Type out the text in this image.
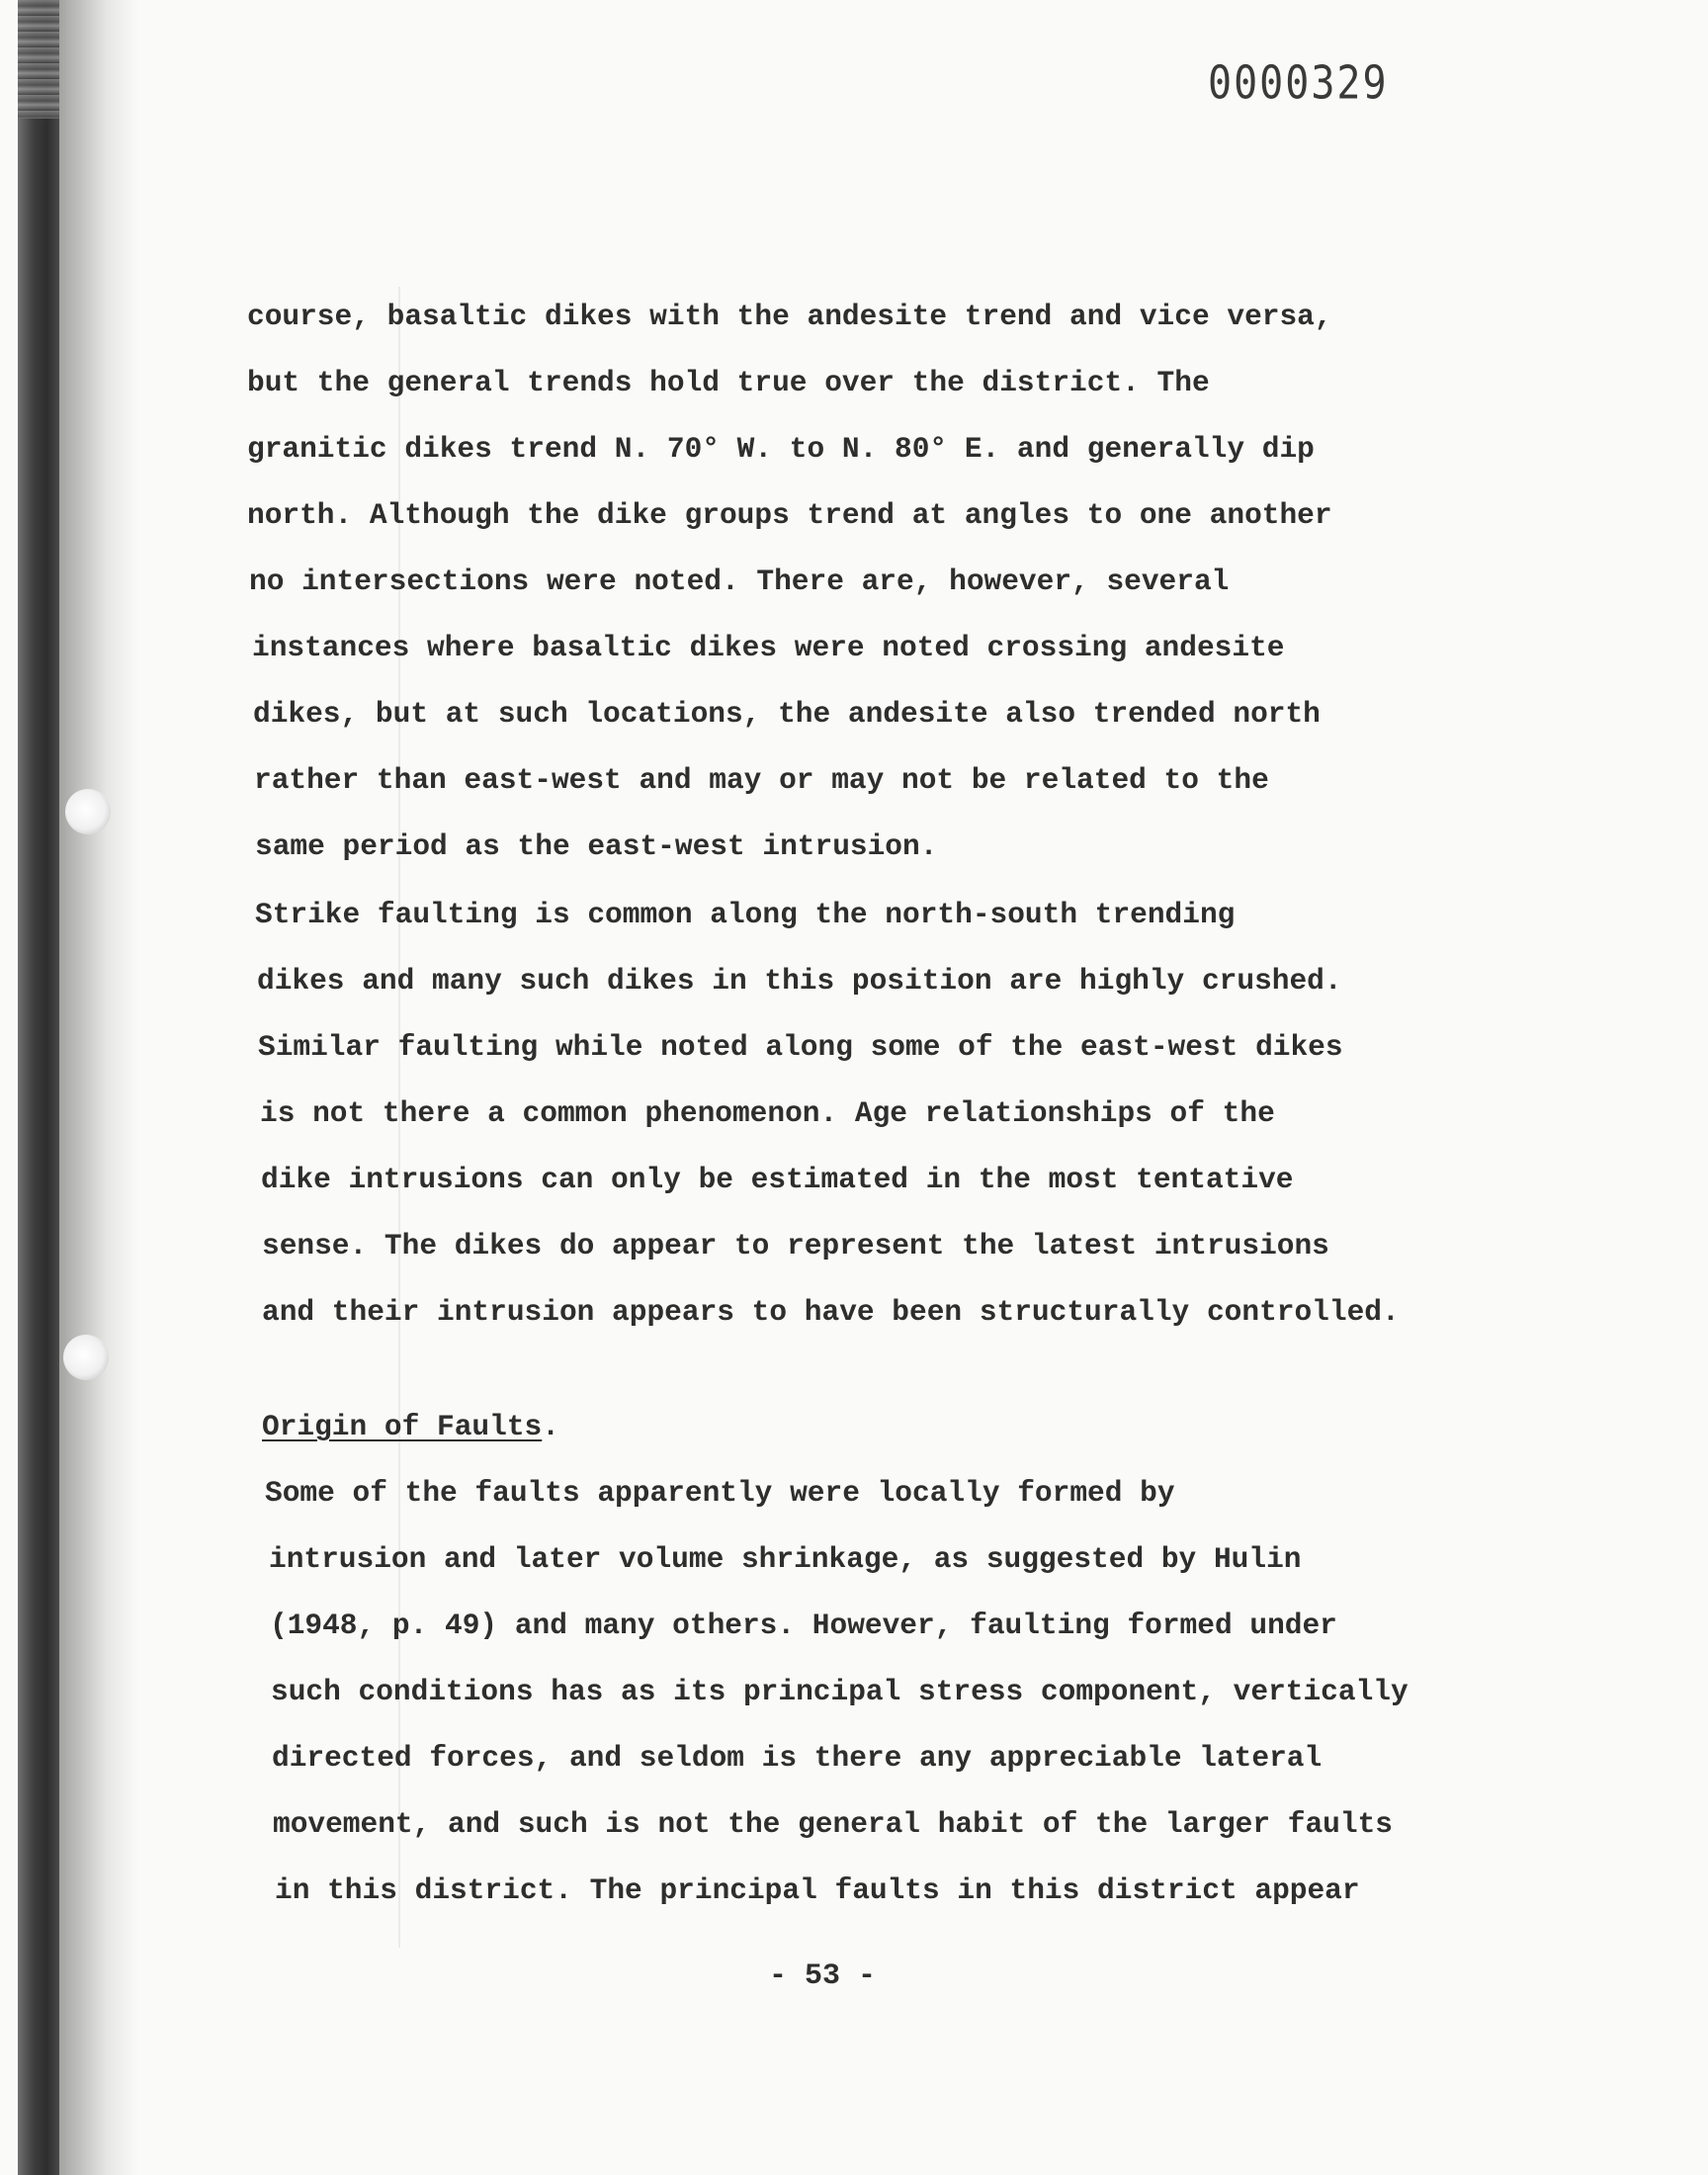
0000329

course, basaltic dikes with the andesite trend and vice versa,

but the general trends hold true over the district. The

granitic dikes trend N. 70° W. to N. 80° E. and generally dip

north. Although the dike groups trend at angles to one another

no intersections were noted. There are, however, several

instances where basaltic dikes were noted crossing andesite

dikes, but at such locations, the andesite also trended north

rather than east-west and may or may not be related to the

same period as the east-west intrusion.

Strike faulting is common along the north-south trending

dikes and many such dikes in this position are highly crushed.

Similar faulting while noted along some of the east-west dikes

is not there a common phenomenon. Age relationships of the

dike intrusions can only be estimated in the most tentative

sense. The dikes do appear to represent the latest intrusions

and their intrusion appears to have been structurally controlled.

Origin of Faults.

Some of the faults apparently were locally formed by

intrusion and later volume shrinkage, as suggested by Hulin

(1948, p. 49) and many others. However, faulting formed under

such conditions has as its principal stress component, vertically

directed forces, and seldom is there any appreciable lateral

movement, and such is not the general habit of the larger faults

in this district. The principal faults in this district appear

- 53 -
